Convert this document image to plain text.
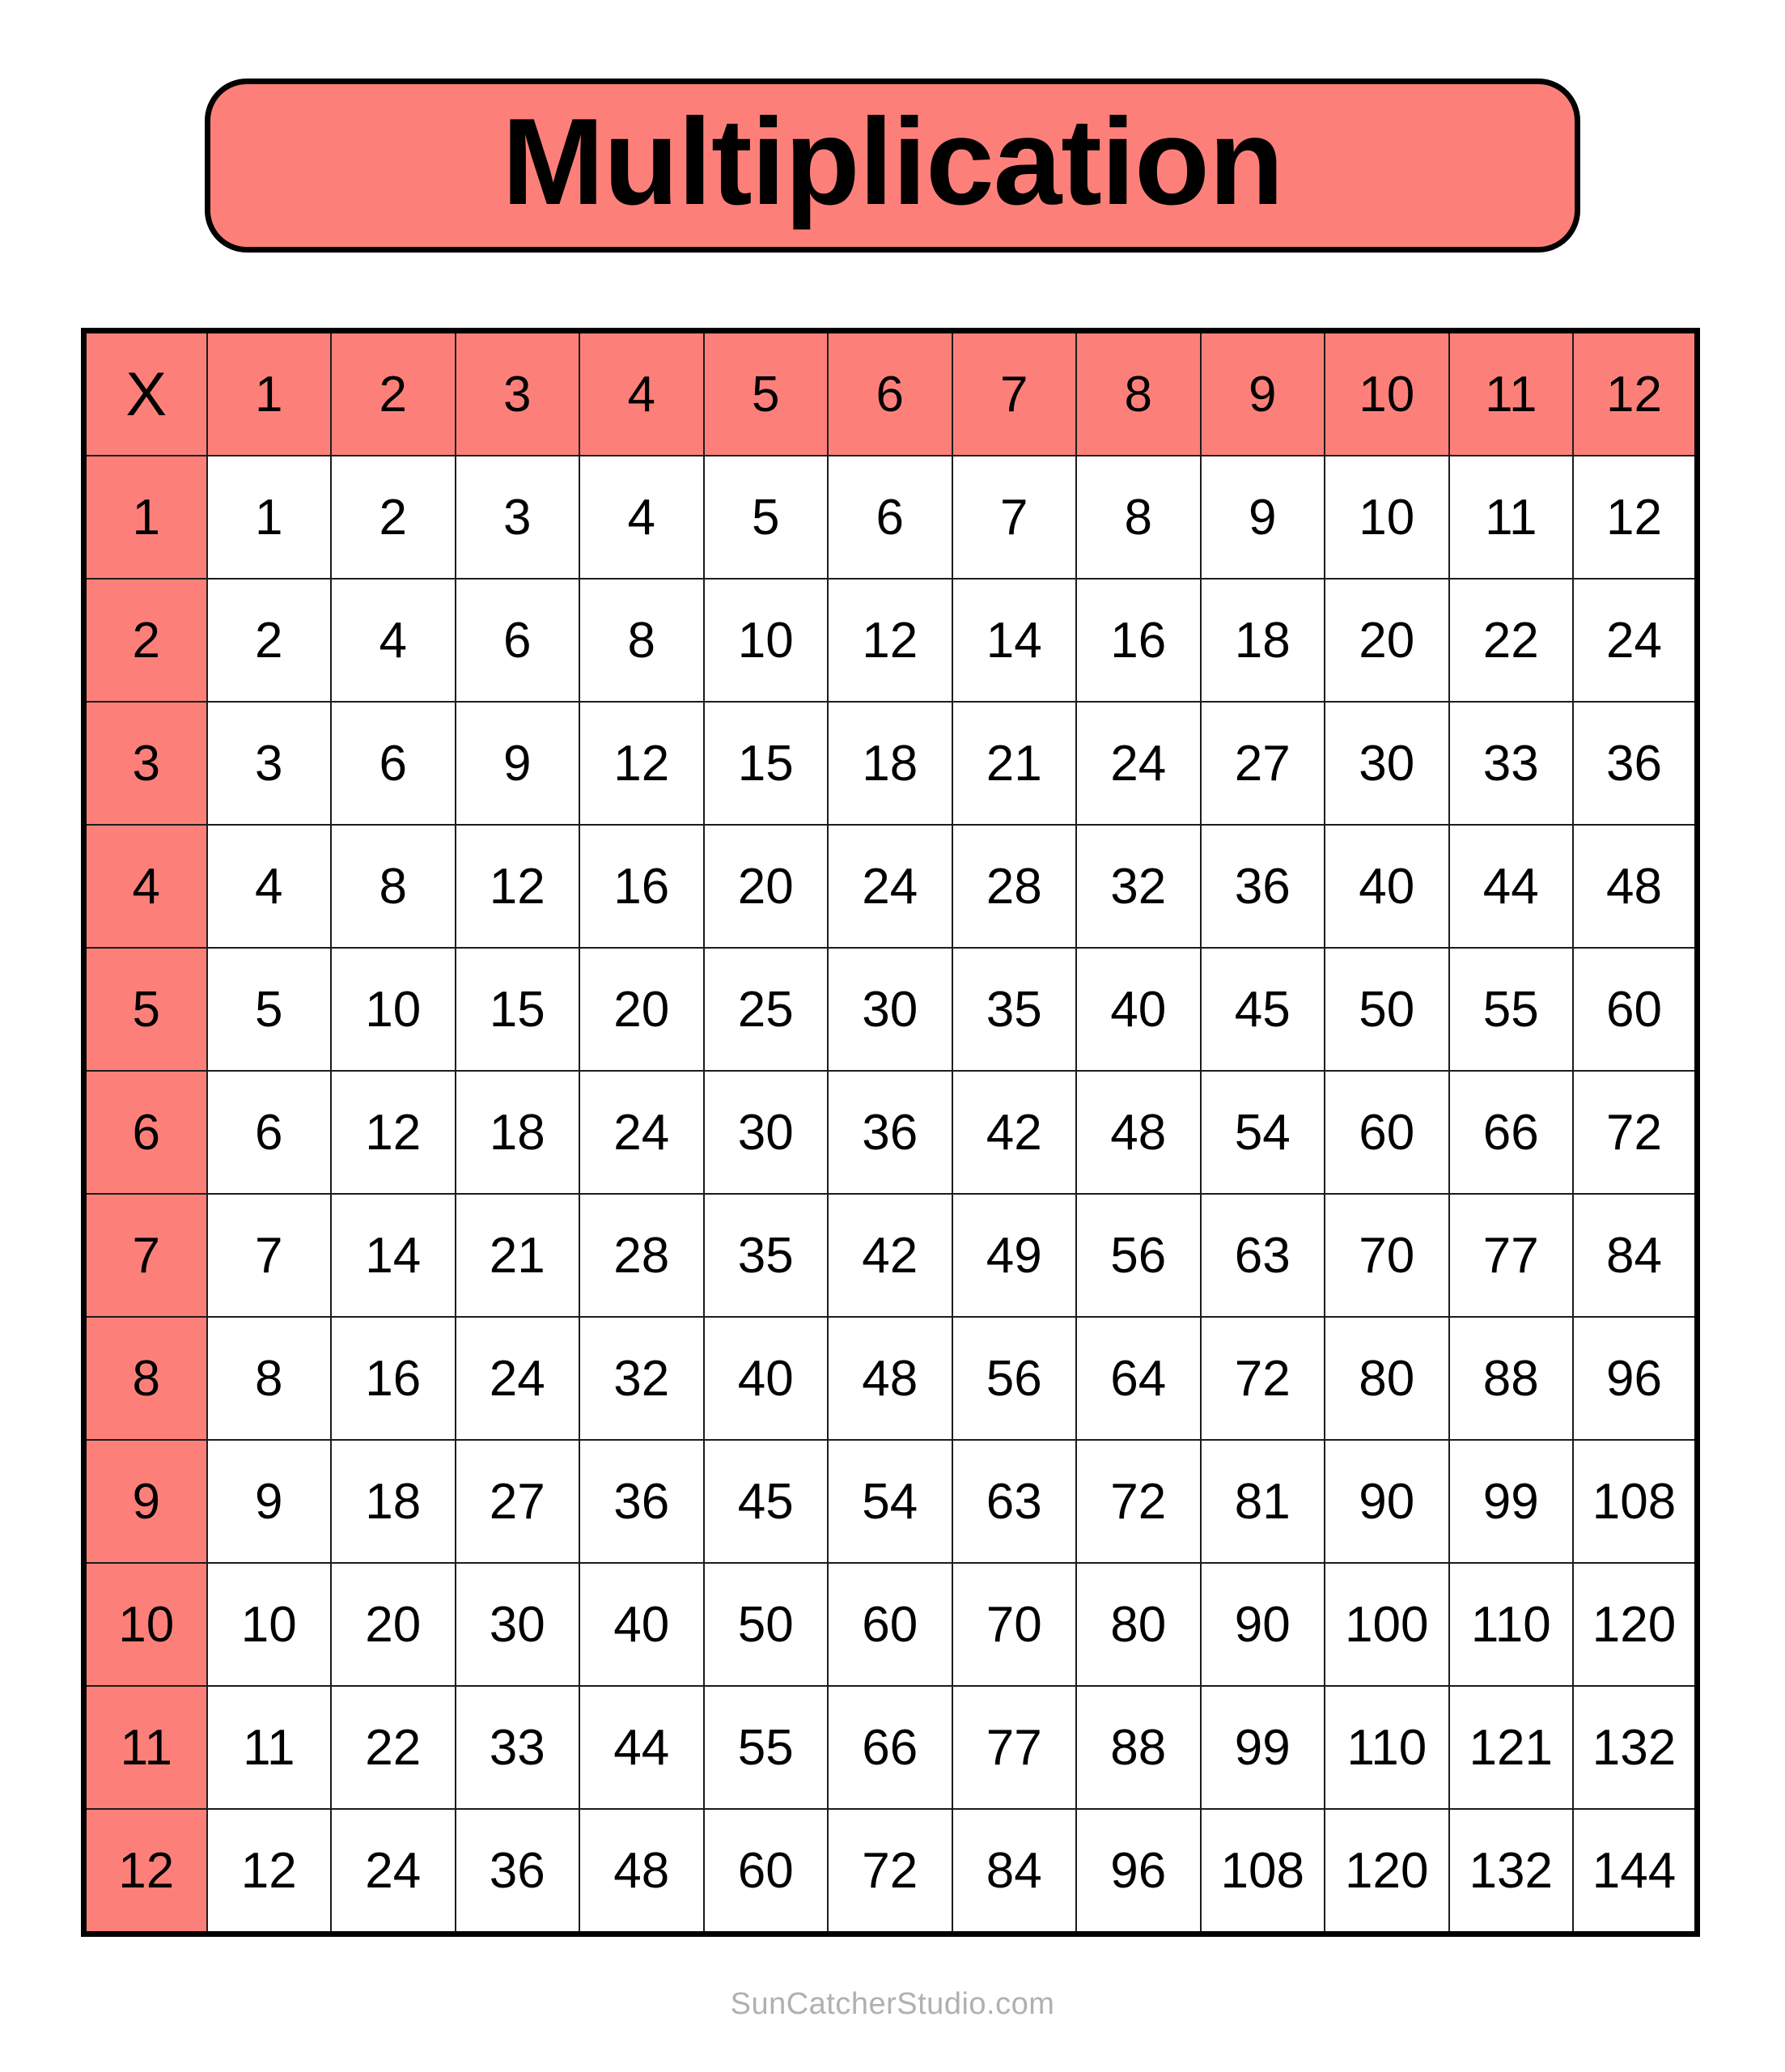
Multiplication
X	1	2	3	4	5	6	7	8	9	10	11	12
1	1	2	3	4	5	6	7	8	9	10	11	12
2	2	4	6	8	10	12	14	16	18	20	22	24
3	3	6	9	12	15	18	21	24	27	30	33	36
4	4	8	12	16	20	24	28	32	36	40	44	48
5	5	10	15	20	25	30	35	40	45	50	55	60
6	6	12	18	24	30	36	42	48	54	60	66	72
7	7	14	21	28	35	42	49	56	63	70	77	84
8	8	16	24	32	40	48	56	64	72	80	88	96
9	9	18	27	36	45	54	63	72	81	90	99	108
10	10	20	30	40	50	60	70	80	90	100	110	120
11	11	22	33	44	55	66	77	88	99	110	121	132
12	12	24	36	48	60	72	84	96	108	120	132	144
SunCatcherStudio.com
